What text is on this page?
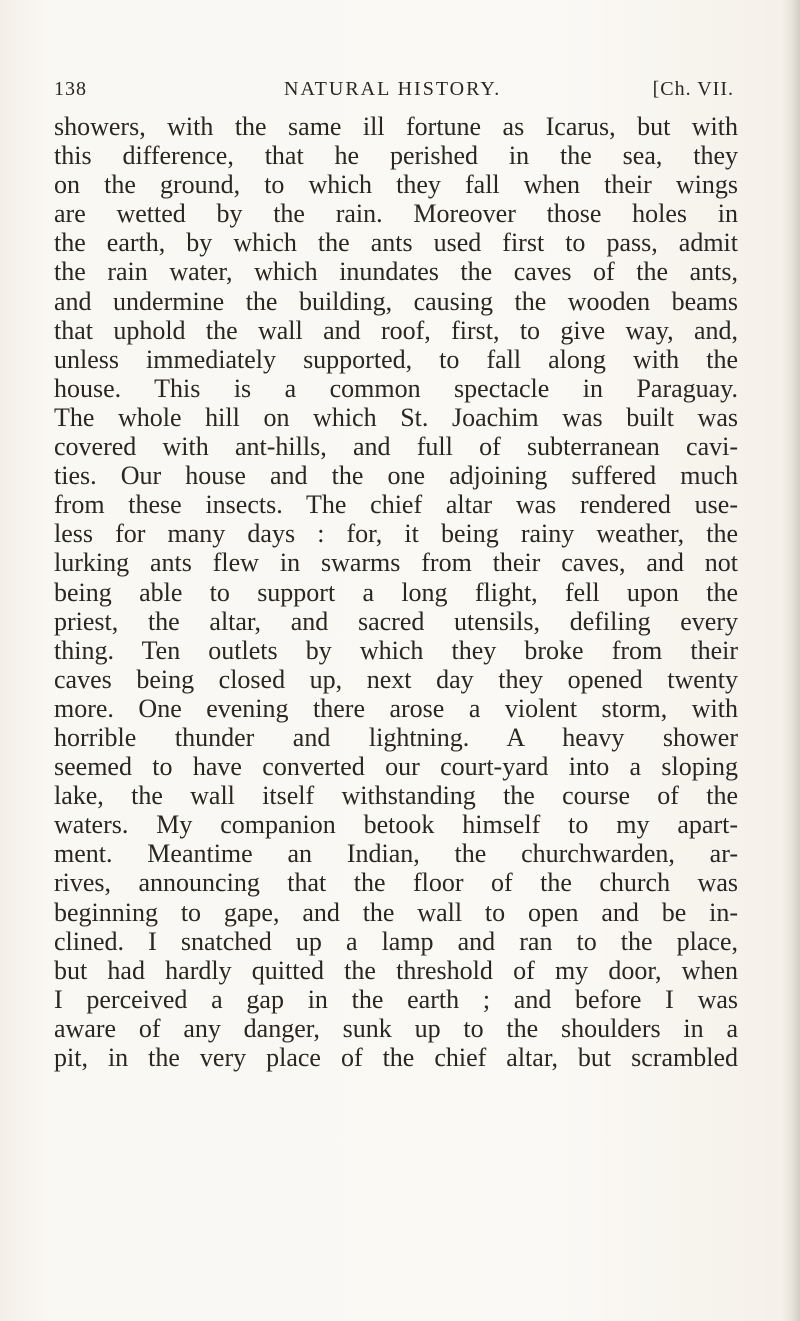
138	NATURAL HISTORY.	[Ch. VII.
showers, with the same ill fortune as Icarus, but with
this difference, that he perished in the sea, they
on the ground, to which they fall when their wings
are wetted by the rain. Moreover those holes in
the earth, by which the ants used first to pass, admit
the rain water, which inundates the caves of the ants,
and undermine the building, causing the wooden beams
that uphold the wall and roof, first, to give way, and,
unless immediately supported, to fall along with the
house. This is a common spectacle in Paraguay.
The whole hill on which St. Joachim was built was
covered with ant-hills, and full of subterranean cavi-
ties. Our house and the one adjoining suffered much
from these insects. The chief altar was rendered use-
less for many days : for, it being rainy weather, the
lurking ants flew in swarms from their caves, and not
being able to support a long flight, fell upon the
priest, the altar, and sacred utensils, defiling every
thing. Ten outlets by which they broke from their
caves being closed up, next day they opened twenty
more. One evening there arose a violent storm, with
horrible thunder and lightning. A heavy shower
seemed to have converted our court-yard into a sloping
lake, the wall itself withstanding the course of the
waters. My companion betook himself to my apart-
ment. Meantime an Indian, the churchwarden, ar-
rives, announcing that the floor of the church was
beginning to gape, and the wall to open and be in-
clined. I snatched up a lamp and ran to the place,
but had hardly quitted the threshold of my door, when
I perceived a gap in the earth ; and before I was
aware of any danger, sunk up to the shoulders in a
pit, in the very place of the chief altar, but scrambled
